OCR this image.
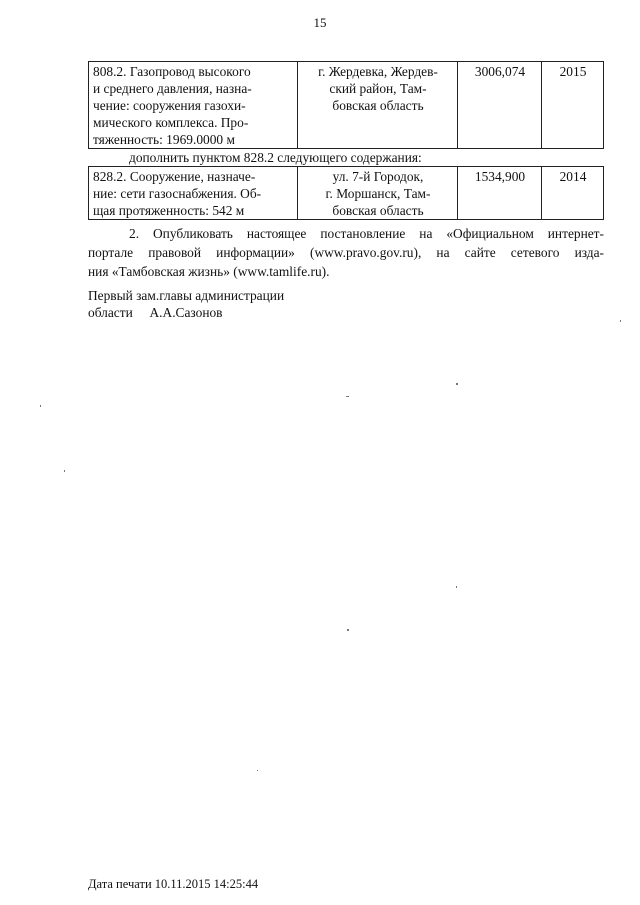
15
808.2. Газопровод высокого
и среднего давления, назна-
чение: сооружения газохи-
мического комплекса. Про-
тяженность: 1969.0000 м

г. Жердевка, Жердев-
ский район, Там-
бовская область

3006,074	2015
дополнить пунктом 828.2 следующего содержания:
828.2. Сооружение, назначе-
ние: сети газоснабжения. Об-
щая протяженность: 542 м

ул. 7-й Городок,
г. Моршанск, Там-
бовская область

1534,900	2014
2. Опубликовать настоящее постановление на «Официальном интернет-
портале правовой информации» (www.pravo.gov.ru), на сайте сетевого изда-
ния «Тамбовская жизнь» (www.tamlife.ru).
Первый зам.главы администрации
области     А.А.Сазонов
Дата печати 10.11.2015 14:25:44
